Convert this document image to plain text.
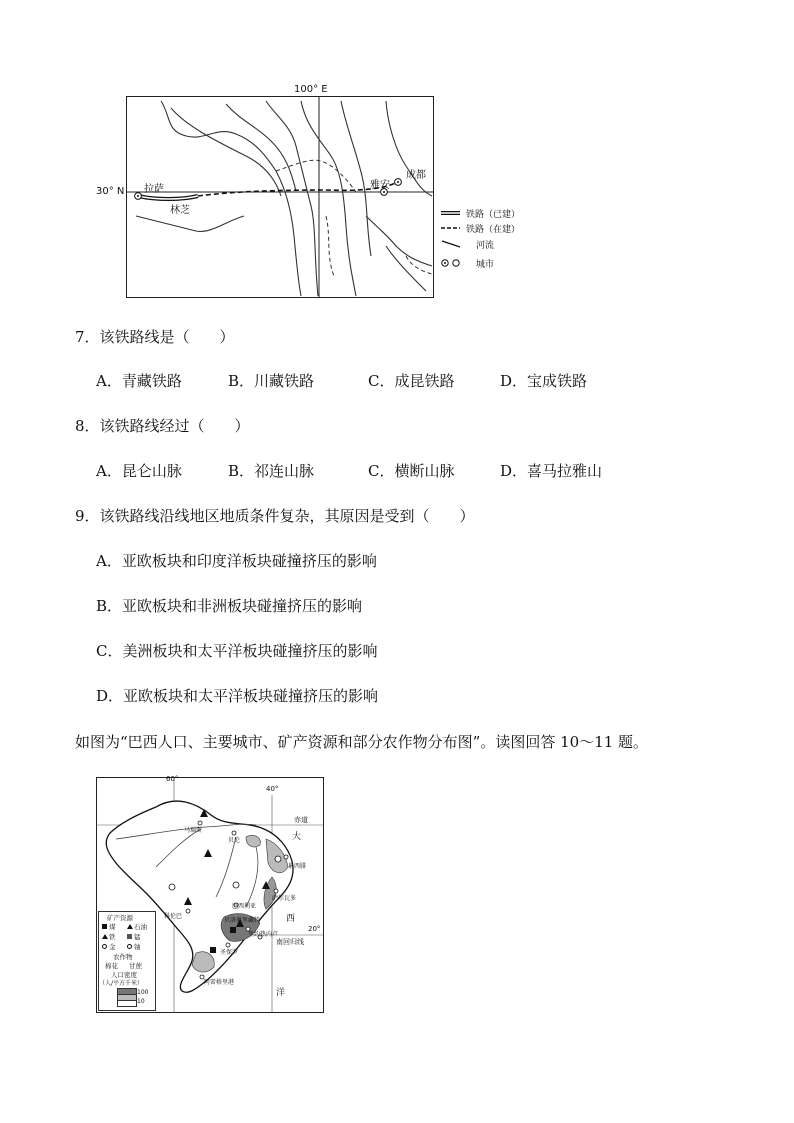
100° E
拉萨
林芝
雅安
成都
30° N
铁路（已建）
铁路（在建）
河流
城市
7．该铁路线是（　　）
A．青藏铁路	B．川藏铁路	C．成昆铁路	D．宝成铁路
8．该铁路线经过（　　）
A．昆仑山脉	B．祁连山脉	C．横断山脉	D．喜马拉雅山
9．该铁路线沿线地区地质条件复杂，其原因是受到（　　）
A．亚欧板块和印度洋板块碰撞挤压的影响
B．亚欧板块和非洲板块碰撞挤压的影响
C．美洲板块和太平洋板块碰撞挤压的影响
D．亚欧板块和太平洋板块碰撞挤压的影响
如图为“巴西人口、主要城市、矿产资源和部分农作物分布图”。读图回答 10～11 题。
60°
40°
赤道
大
西
20°
南回归线
洋
马瑙斯
贝伦
累西腓
萨尔瓦多
巴西利亚
科伦巴
贝洛奥里藏特
里约热内卢
圣保罗
阿雷格里港
矿产资源
煤	石油
铁	锰
金	铀
农作物
棉花 甘蔗
人口密度
（人/平方千米）
100
10
